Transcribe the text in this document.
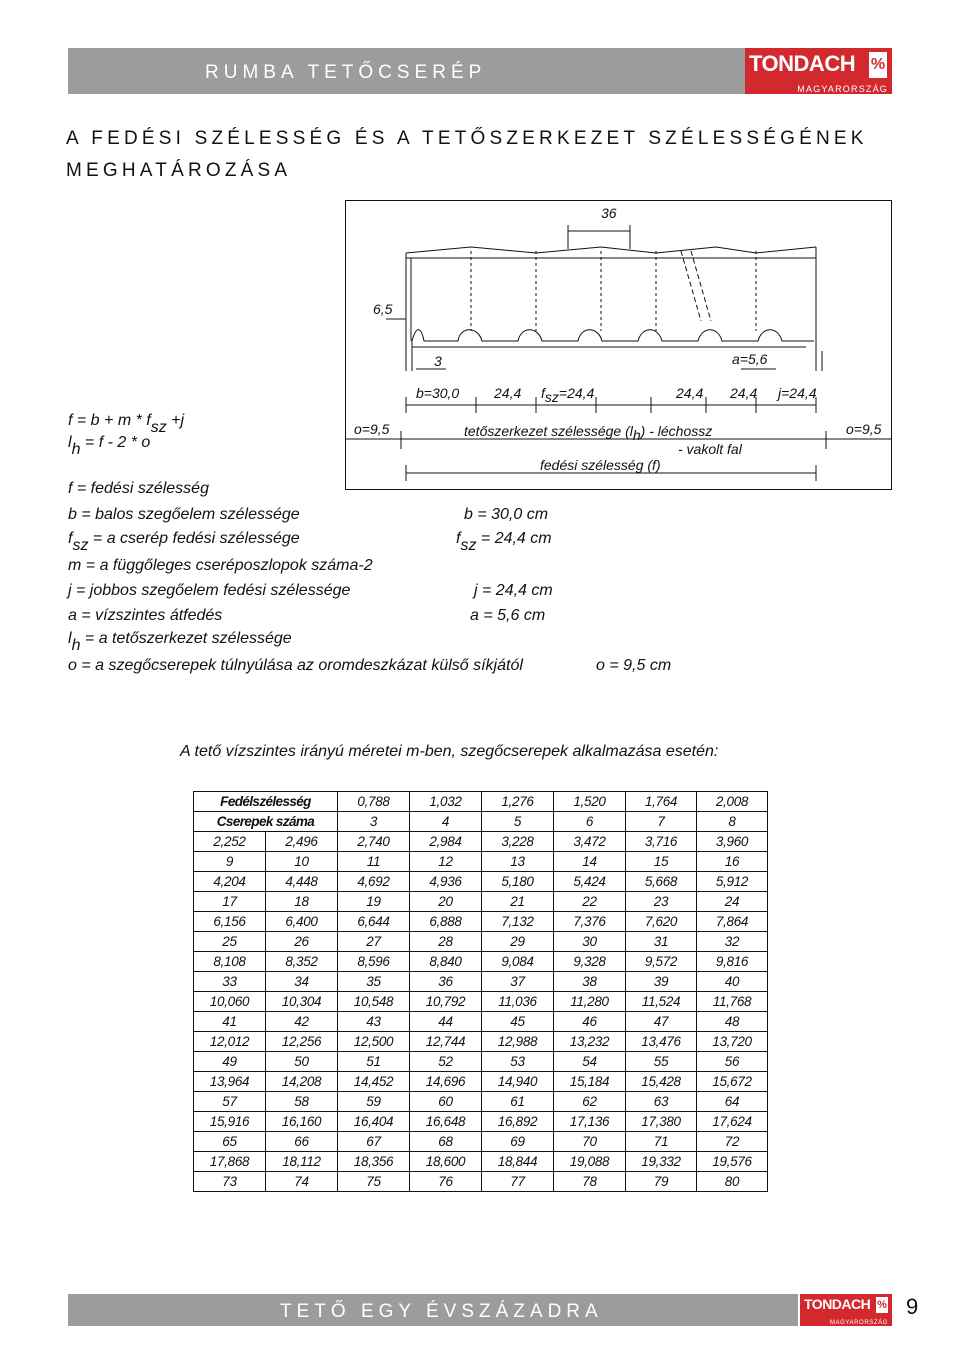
RUMBA TETŐCSERÉP	TONDACH %
MAGYARORSZÁG
A FEDÉSI SZÉLESSÉG ÉS A TETŐSZERKEZET SZÉLESSÉGÉNEK MEGHATÁROZÁSA
$f = b + m * f_{sz} +j$
$l_h = f - 2 * o$
36
6,5
3	a=5,6
b=30,0 24,4 $f_{sz}=24,4$	24,4 24,4 j=24,4
o=9,5	o=9,5
tetőszerkezet szélessége $(l_h)$ - léchossz
- vakolt fal
fedési szélesség (f)
f = fedési szélesség
b = balos szegőelem szélessége	b = 30,0 cm
$f_{sz} = a$ cserép fedési szélessége	$f_{sz} = 24,4$ cm
m = a függőleges cseréposzlopok száma-2
j = jobbos szegőelem fedési szélessége	j = 24,4 cm
a = vízszintes átfedés	a = 5,6 cm
$l_h = a$ tetőszerkezet szélessége
o = a szegőcserepek túlnyúlása az oromdeszkázat külső síkjától	o = 9,5 cm
A tető vízszintes irányú méretei m-ben, szegőcserepek alkalmazása esetén:
Fedélszélesség		0,788	1,032	1,276	1,520	1,764	2,008
Cserepek száma		3	4	5	6	7	8
2,252	2,496	2,740	2,984	3,228	3,472	3,716	3,960
9	10	11	12	13	14	15	16
4,204	4,448	4,692	4,936	5,180	5,424	5,668	5,912
17	18	19	20	21	22	23	24
6,156	6,400	6,644	6,888	7,132	7,376	7,620	7,864
25	26	27	28	29	30	31	32
8,108	8,352	8,596	8,840	9,084	9,328	9,572	9,816
33	34	35	36	37	38	39	40
10,060	10,304	10,548	10,792	11,036	11,280	11,524	11,768
41	42	43	44	45	46	47	48
12,012	12,256	12,500	12,744	12,988	13,232	13,476	13,720
49	50	51	52	53	54	55	56
13,964	14,208	14,452	14,696	14,940	15,184	15,428	15,672
57	58	59	60	61	62	63	64
15,916	16,160	16,404	16,648	16,892	17,136	17,380	17,624
65	66	67	68	69	70	71	72
17,868	18,112	18,356	18,600	18,844	19,088	19,332	19,576
73	74	75	76	77	78	79	80
TETŐ EGY ÉVSZÁZADRA	TONDACH %
MAGYARORSZÁG
9
